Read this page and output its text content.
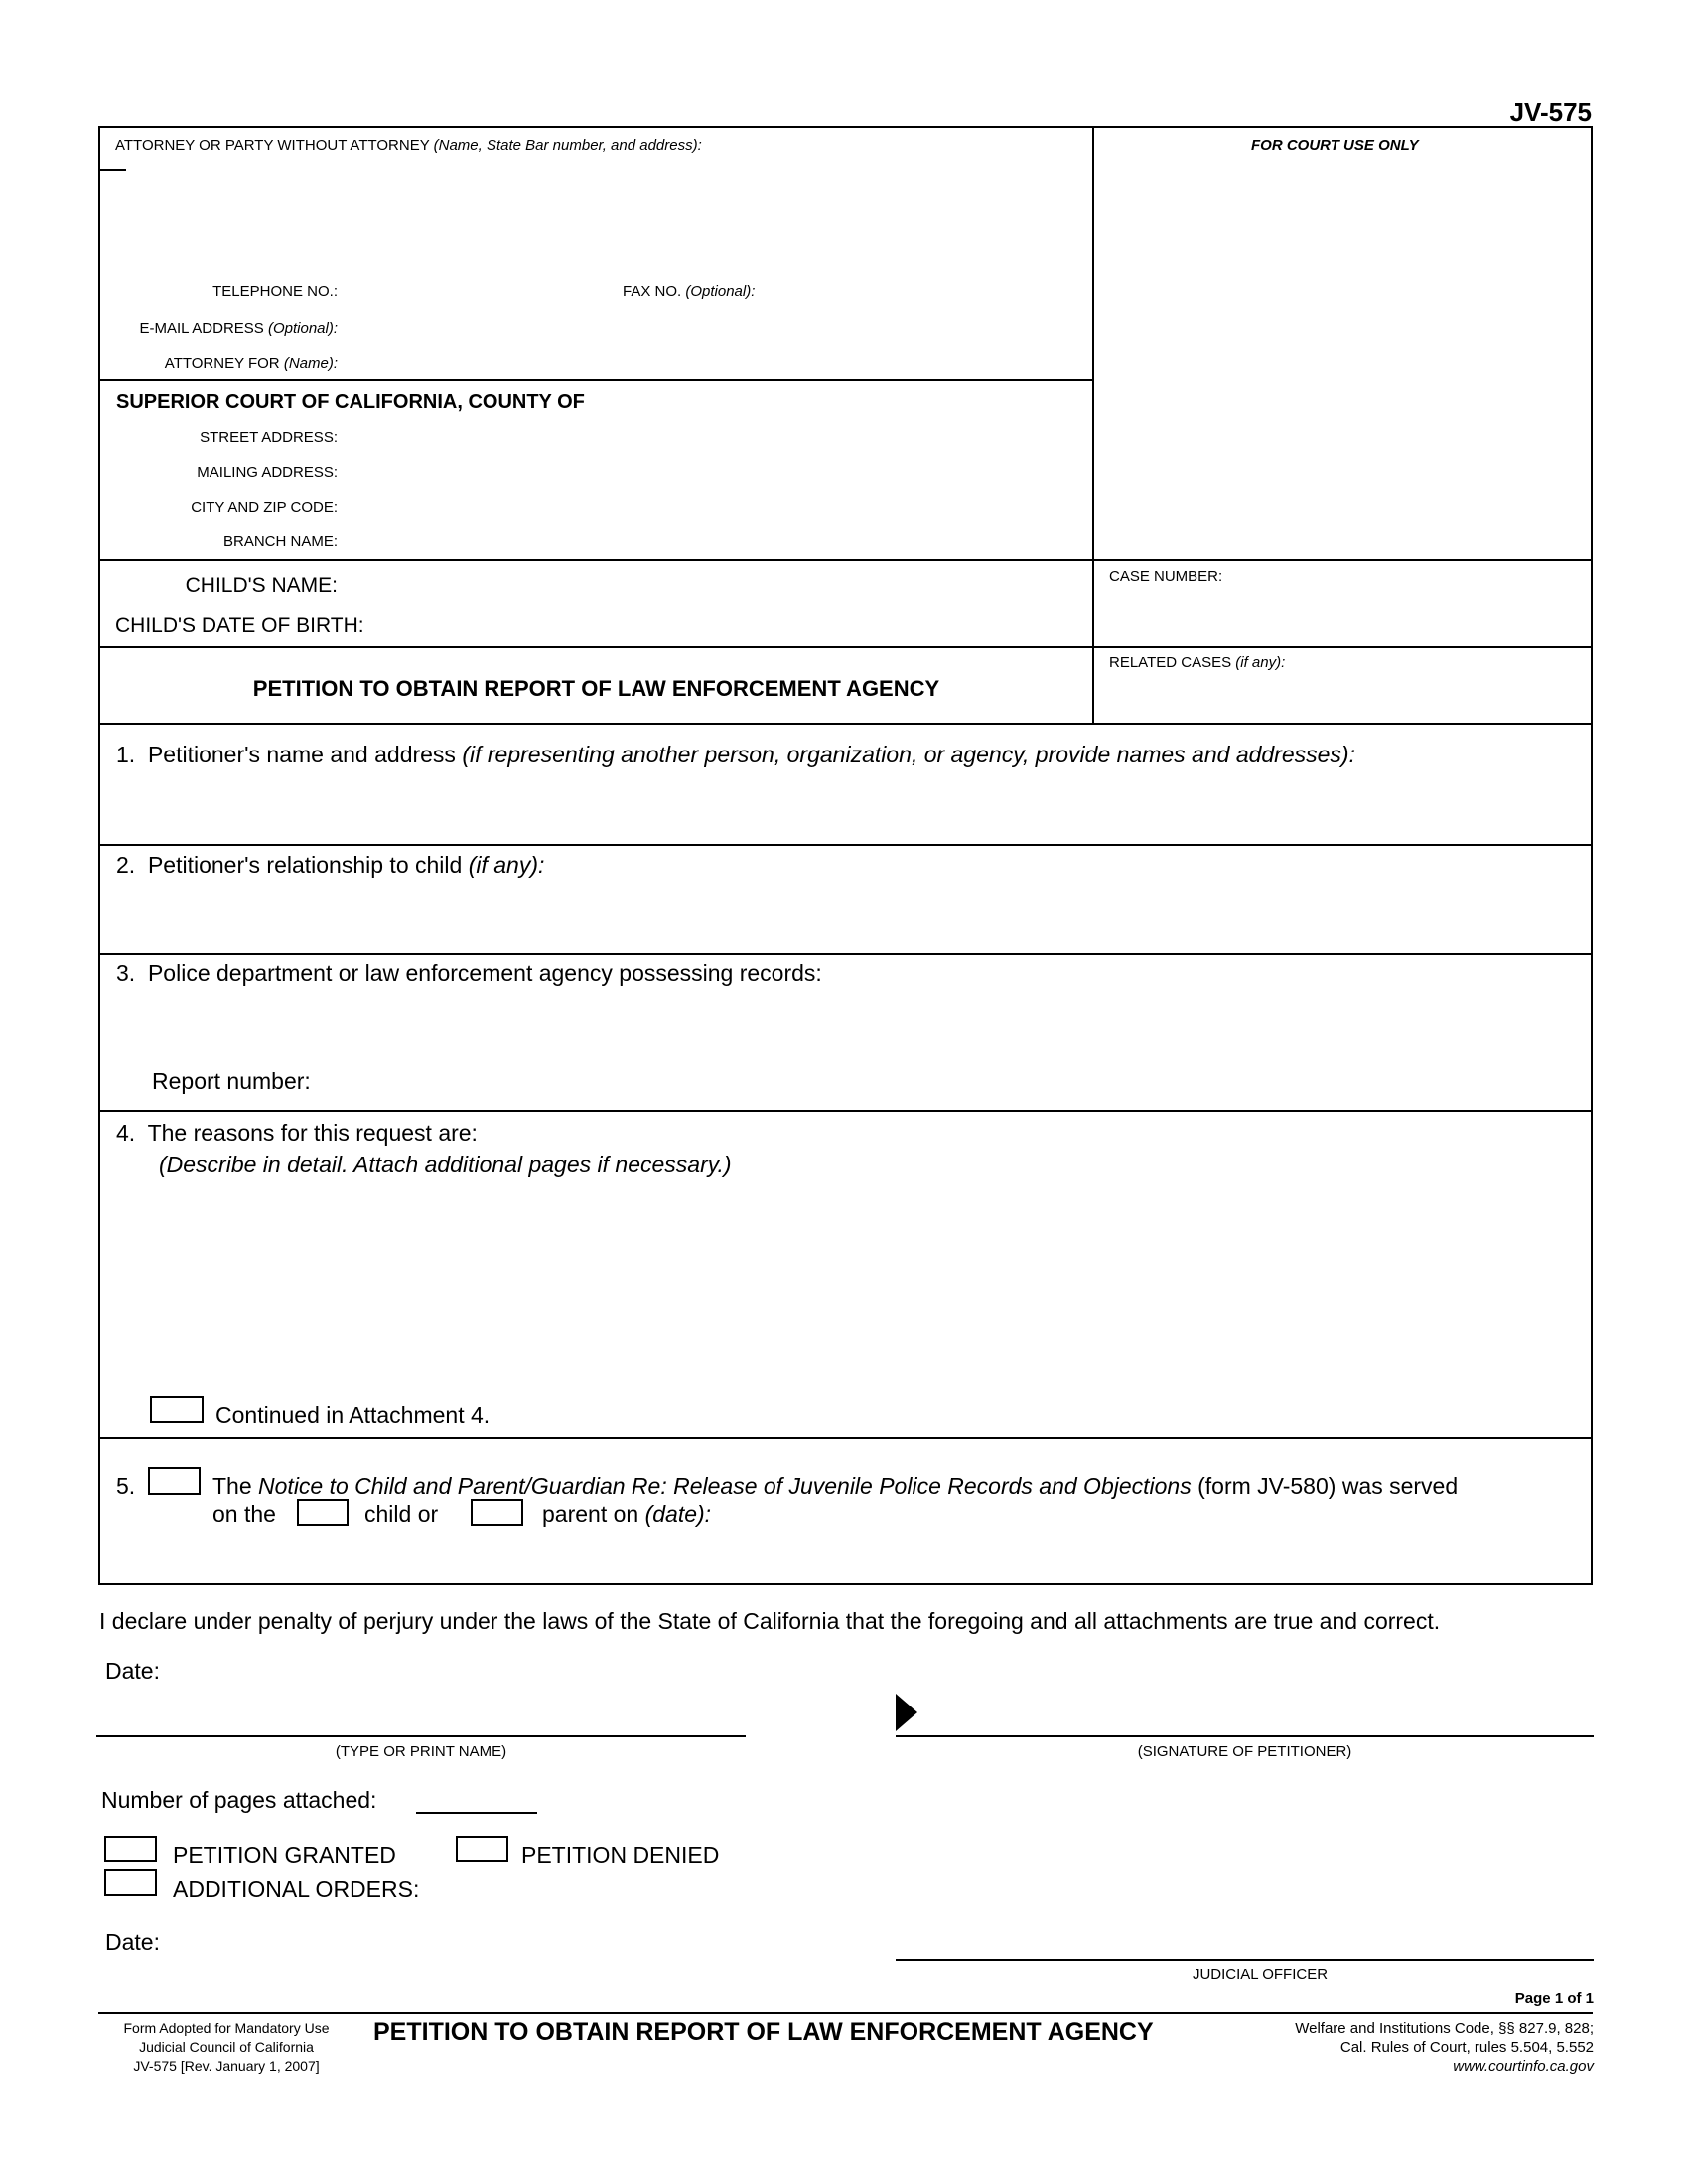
JV-575
ATTORNEY OR PARTY WITHOUT ATTORNEY (Name, State Bar number, and address):	FOR COURT USE ONLY
TELEPHONE NO.:	FAX NO. (Optional):
E-MAIL ADDRESS (Optional):
ATTORNEY FOR (Name):
SUPERIOR COURT OF CALIFORNIA, COUNTY OF
STREET ADDRESS:
MAILING ADDRESS:
CITY AND ZIP CODE:
BRANCH NAME:
CHILD'S NAME:
CHILD'S DATE OF BIRTH:
CASE NUMBER:
RELATED CASES (if any):
PETITION TO OBTAIN REPORT OF LAW ENFORCEMENT AGENCY
1. Petitioner's name and address (if representing another person, organization, or agency, provide names and addresses):
2. Petitioner's relationship to child (if any):
3. Police department or law enforcement agency possessing records:
Report number:
4. The reasons for this request are:
(Describe in detail. Attach additional pages if necessary.)
Continued in Attachment 4.
5.	The Notice to Child and Parent/Guardian Re: Release of Juvenile Police Records and Objections (form JV-580) was served
on the	child or	parent on (date):
I declare under penalty of perjury under the laws of the State of California that the foregoing and all attachments are true and correct.
Date:
(TYPE OR PRINT NAME)	(SIGNATURE OF PETITIONER)
Number of pages attached:
PETITION GRANTED	PETITION DENIED
ADDITIONAL ORDERS:
Date:
JUDICIAL OFFICER
Page 1 of 1
Form Adopted for Mandatory Use
Judicial Council of California
JV-575 [Rev. January 1, 2007]
PETITION TO OBTAIN REPORT OF LAW ENFORCEMENT AGENCY	Welfare and Institutions Code, §§ 827.9, 828;
Cal. Rules of Court, rules 5.504, 5.552
www.courtinfo.ca.gov
